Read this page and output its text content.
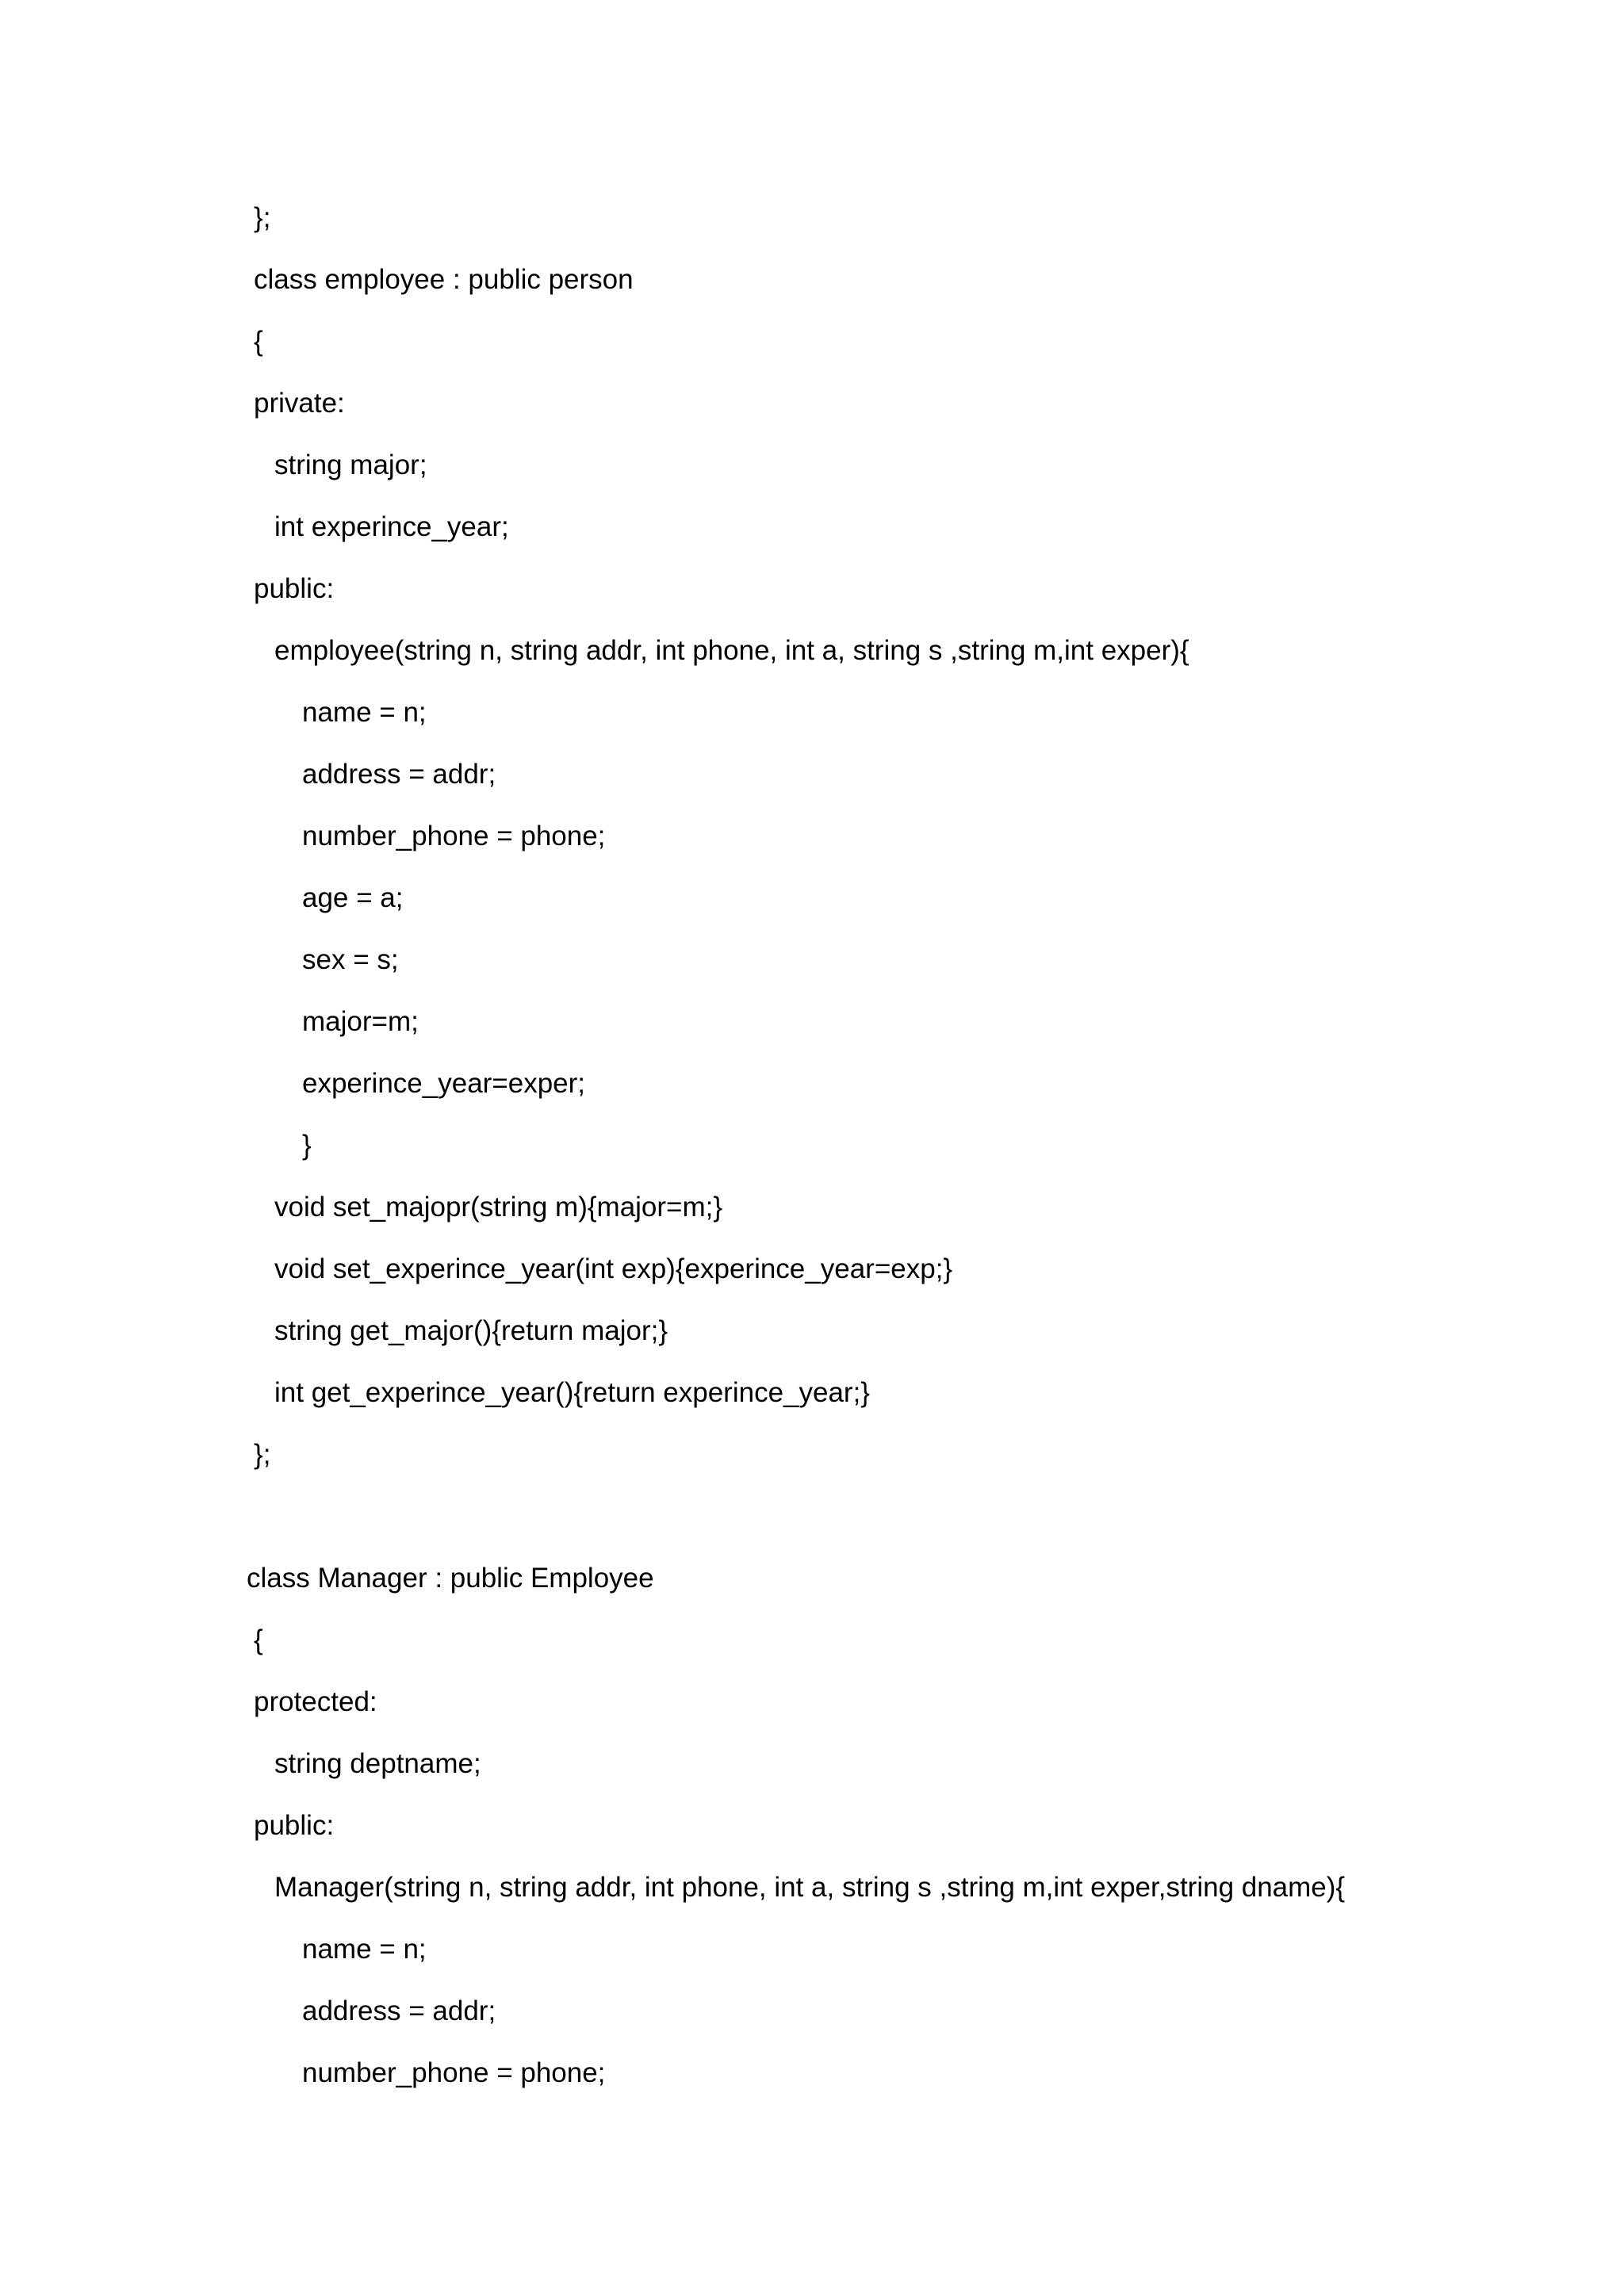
};
class employee : public person
{
private:
string major;
int experince_year;
public:
employee(string n, string addr, int phone, int a, string s ,string m,int exper){
name = n;
address = addr;
number_phone = phone;
age = a;
sex = s;
major=m;
experince_year=exper;
}
void set_majopr(string m){major=m;}
void set_experince_year(int exp){experince_year=exp;}
string get_major(){return major;}
int get_experince_year(){return experince_year;}
};
class Manager : public Employee
{
protected:
string deptname;
public:
Manager(string n, string addr, int phone, int a, string s ,string m,int exper,string dname){
name = n;
address = addr;
number_phone = phone;
